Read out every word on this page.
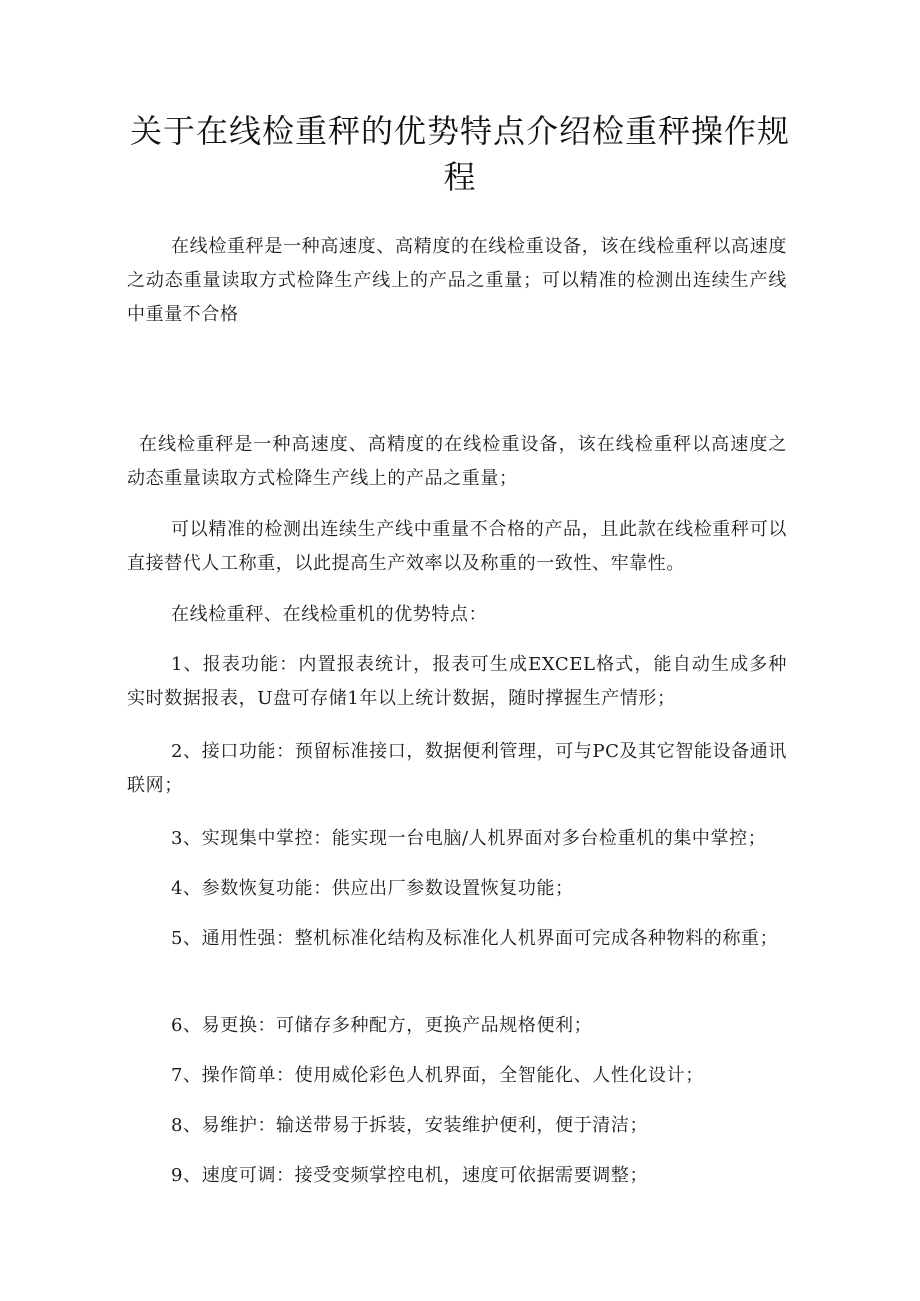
关于在线检重秤的优势特点介绍检重秤操作规程

在线检重秤是一种高速度、高精度的在线检重设备，该在线检重秤以高速度之动态重量读取方式检降生产线上的产品之重量；可以精准的检测出连续生产线中重量不合格

在线检重秤是一种高速度、高精度的在线检重设备，该在线检重秤以高速度之动态重量读取方式检降生产线上的产品之重量；

可以精准的检测出连续生产线中重量不合格的产品，且此款在线检重秤可以直接替代人工称重，以此提高生产效率以及称重的一致性、牢靠性。

在线检重秤、在线检重机的优势特点：

1、报表功能：内置报表统计，报表可生成EXCEL格式，能自动生成多种实时数据报表，U盘可存储1年以上统计数据，随时撑握生产情形；

2、接口功能：预留标准接口，数据便利管理，可与PC及其它智能设备通讯联网；

3、实现集中掌控：能实现一台电脑/人机界面对多台检重机的集中掌控；

4、参数恢复功能：供应出厂参数设置恢复功能；

5、通用性强：整机标准化结构及标准化人机界面可完成各种物料的称重；

6、易更换：可储存多种配方，更换产品规格便利；

7、操作简单：使用威伦彩色人机界面，全智能化、人性化设计；

8、易维护：输送带易于拆装，安装维护便利，便于清洁；

9、速度可调：接受变频掌控电机，速度可依据需要调整；
